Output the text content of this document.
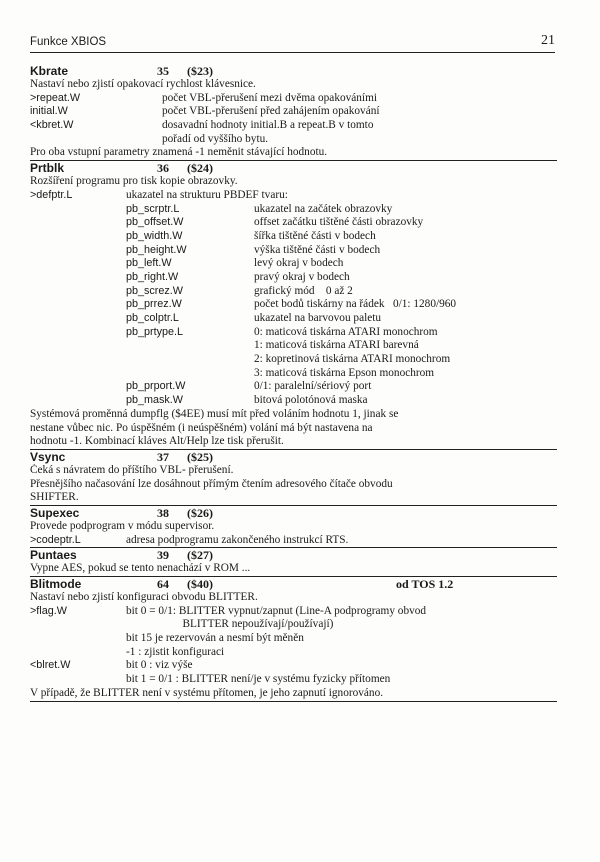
Funkce XBIOS	21
Kbrate	35	($23)
Nastaví nebo zjistí opakovací rychlost klávesnice.
>repeat.W	počet VBL-přerušení mezi dvěma opakováními
initial.W	počet VBL-přerušení před zahájením opakování
<kbret.W	dosavadní hodnoty initial.B a repeat.B v tomto
pořadí od vyššího bytu.
Pro oba vstupní parametry znamená -1 neměnit stávající hodnotu.
Prtblk	36	($24)
Rozšíření programu pro tisk kopie obrazovky.
>defptr.L	ukazatel na strukturu PBDEF tvaru:
pb_scrptr.L	ukazatel na začátek obrazovky
pb_offset.W	offset začátku tištěné části obrazovky
pb_width.W	šířka tištěné části v bodech
pb_height.W	výška tištěné části v bodech
pb_left.W	levý okraj v bodech
pb_right.W	pravý okraj v bodech
pb_screz.W	grafický mód    0 až 2
pb_prrez.W	počet bodů tiskárny na řádek   0/1: 1280/960
pb_colptr.L	ukazatel na barvovou paletu
pb_prtype.L	0: maticová tiskárna ATARI monochrom
1: maticová tiskárna ATARI barevná
2: kopretinová tiskárna ATARI monochrom
3: maticová tiskárna Epson monochrom
pb_prport.W	0/1: paralelní/sériový port
pb_mask.W	bitová polotónová maska
Systémová proměnná dumpflg ($4EE) musí mít před voláním hodnotu 1, jinak se
nestane vůbec nic. Po úspěšném (i neúspěšném) volání má být nastavena na
hodnotu -1. Kombinací kláves Alt/Help lze tisk přerušit.
Vsync	37	($25)
Čeká s návratem do příštího VBL- přerušení.
Přesnějšího načasování lze dosáhnout přímým čtením adresového čítače obvodu
SHIFTER.
Supexec	38	($26)
Provede podprogram v módu supervisor.
>codeptr.L	adresa podprogramu zakončeného instrukcí RTS.
Puntaes	39	($27)
Vypne AES, pokud se tento nenachází v ROM ...
Blitmode	64	($40)	od TOS 1.2
Nastaví nebo zjistí konfiguraci obvodu BLITTER.
>flag.W	bit 0 = 0/1: BLITTER vypnut/zapnut (Line-A podprogramy obvod
BLITTER nepoužívají/používají)
bit 15 je rezervován a nesmí být měněn
-1 : zjistit konfiguraci
<blret.W	bit 0 : viz výše
bit 1 = 0/1 : BLITTER není/je v systému fyzicky přítomen
V případě, že BLITTER není v systému přítomen, je jeho zapnutí ignorováno.
